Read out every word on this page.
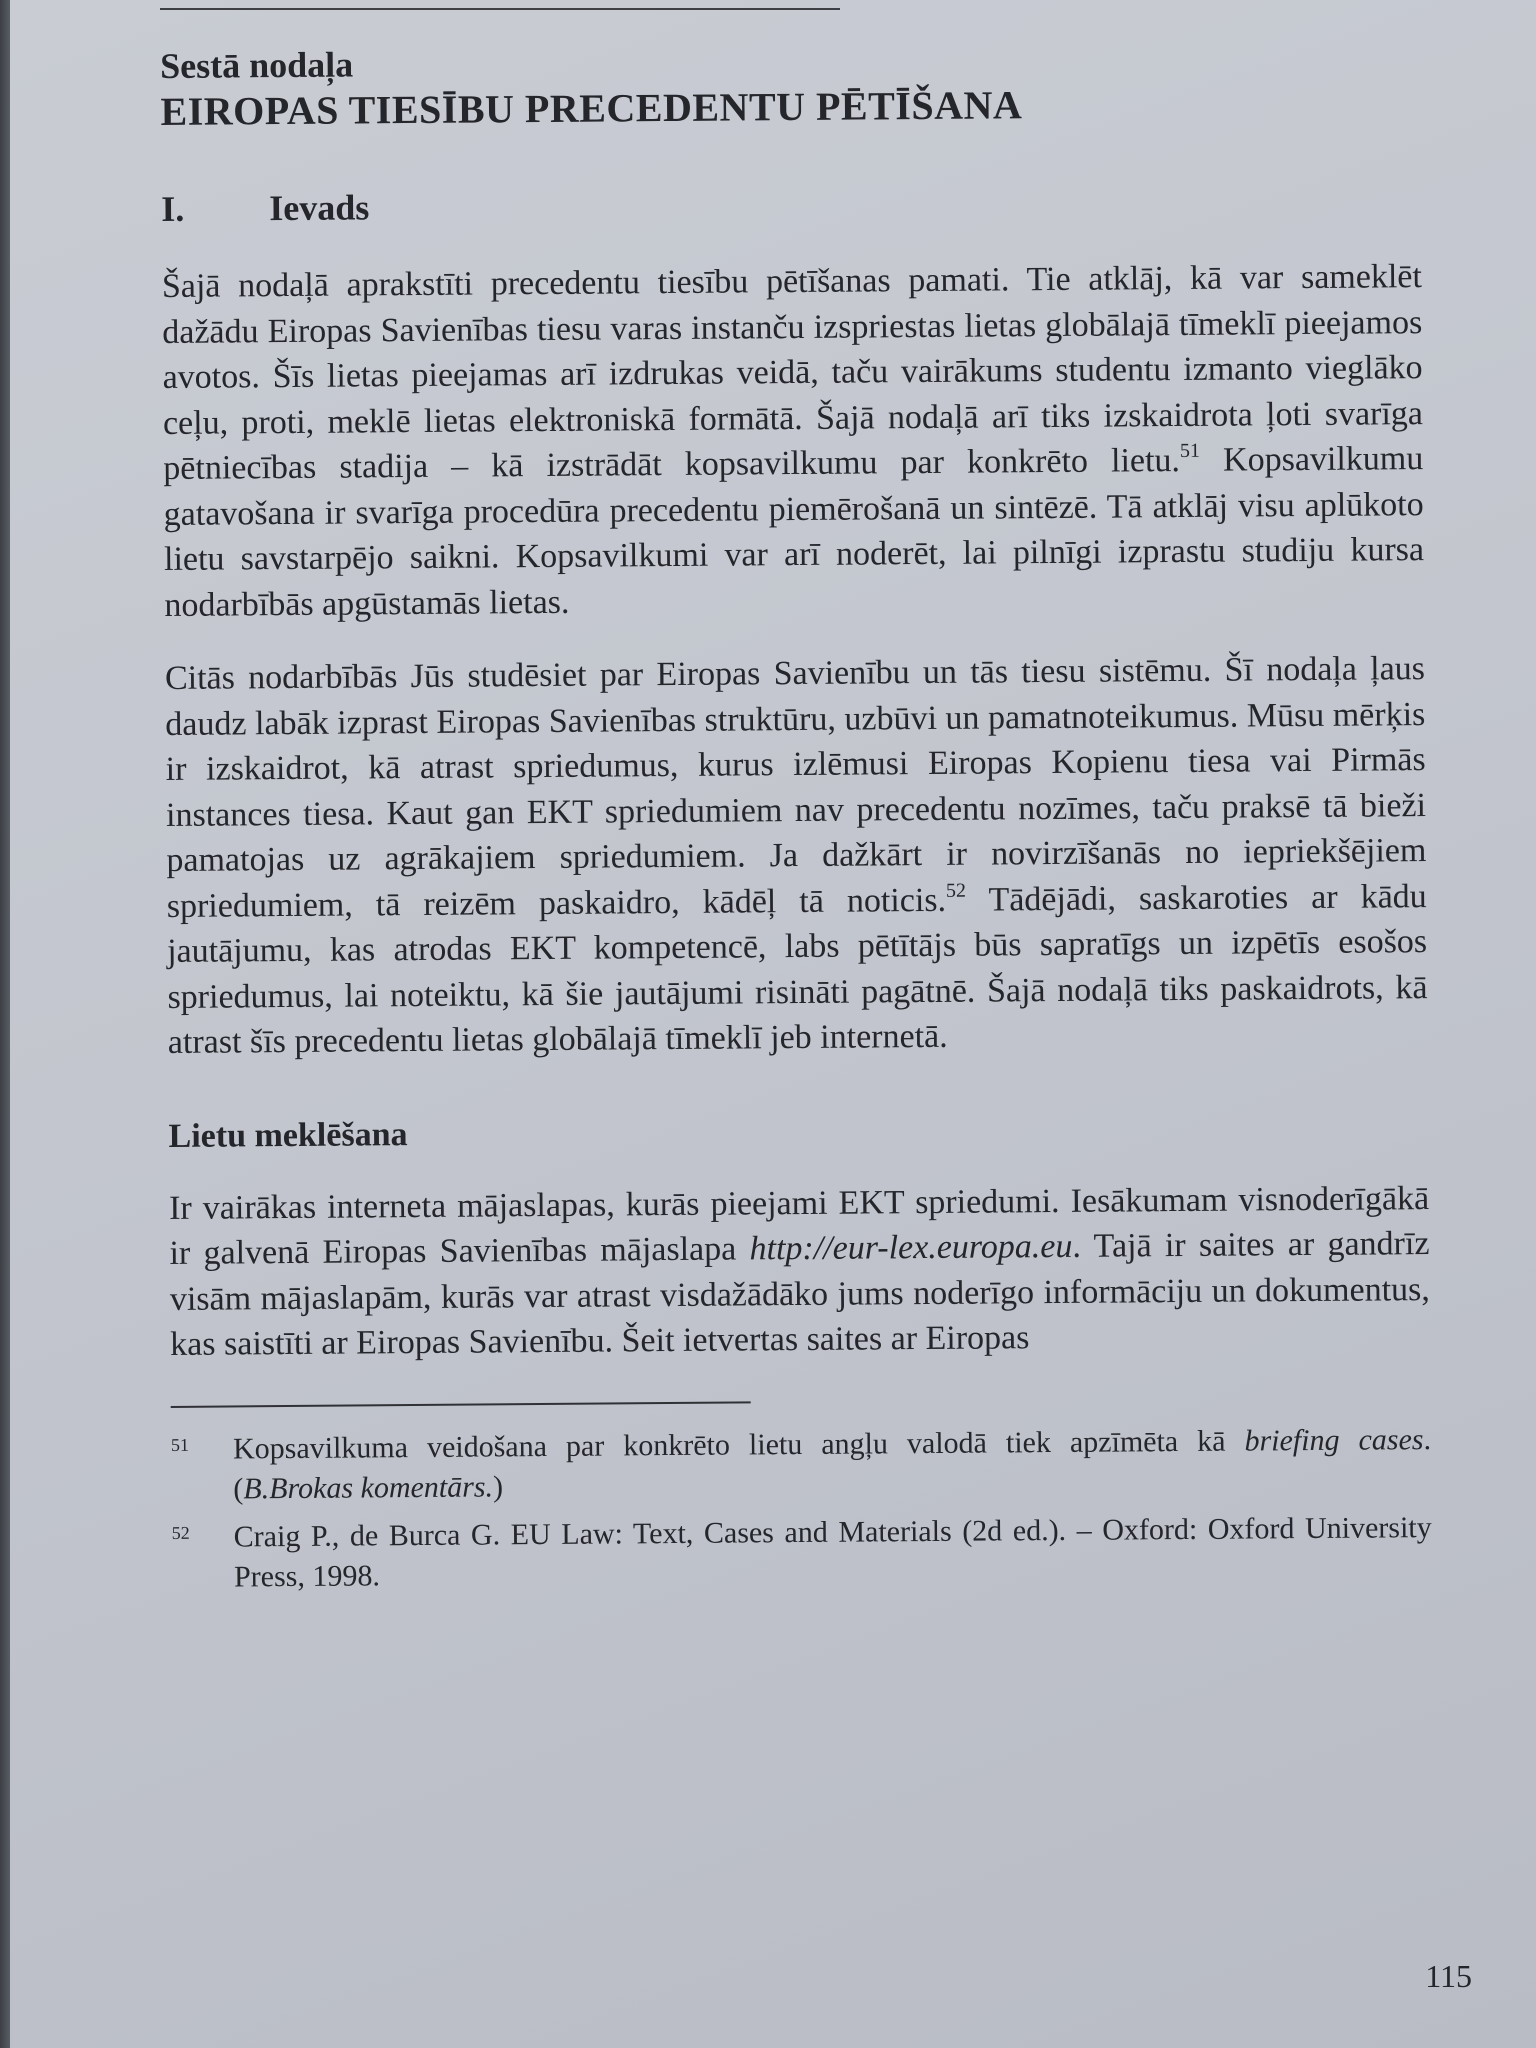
Sestā nodaļa
EIROPAS TIESĪBU PRECEDENTU PĒTĪŠANA
I.	Ievads

Šajā nodaļā aprakstīti precedentu tiesību pētīšanas pamati. Tie atklāj, kā var sameklēt dažādu Eiropas Savienības tiesu varas instanču izspriestas lietas globālajā tīmeklī pieejamos avotos. Šīs lietas pieejamas arī izdrukas veidā, taču vairākums studentu izmanto vieglāko ceļu, proti, meklē lietas elektroniskā formātā. Šajā nodaļā arī tiks izskaidrota ļoti svarīga pētniecības stadija – kā izstrādāt kopsavilkumu par konkrēto lietu.$^{51}$ Kopsavilkumu gatavošana ir svarīga procedūra precedentu piemērošanā un sintēzē. Tā atklāj visu aplūkoto lietu savstarpējo saikni. Kopsavilkumi var arī noderēt, lai pilnīgi izprastu studiju kursa nodarbībās apgūstamās lietas.

Citās nodarbībās Jūs studēsiet par Eiropas Savienību un tās tiesu sistēmu. Šī nodaļa ļaus daudz labāk izprast Eiropas Savienības struktūru, uzbūvi un pamatnoteikumus. Mūsu mērķis ir izskaidrot, kā atrast spriedumus, kurus izlēmusi Eiropas Kopienu tiesa vai Pirmās instances tiesa. Kaut gan EKT spriedumiem nav precedentu nozīmes, taču praksē tā bieži pamatojas uz agrākajiem spriedumiem. Ja dažkārt ir novirzīšanās no iepriekšējiem spriedumiem, tā reizēm paskaidro, kādēļ tā noticis.$^{52}$ Tādējādi, saskaroties ar kādu jautājumu, kas atrodas EKT kompetencē, labs pētītājs būs sapratīgs un izpētīs esošos spriedumus, lai noteiktu, kā šie jautājumi risināti pagātnē. Šajā nodaļā tiks paskaidrots, kā atrast šīs precedentu lietas globālajā tīmeklī jeb internetā.

Lietu meklēšana

Ir vairākas interneta mājaslapas, kurās pieejami EKT spriedumi. Iesākumam visnoderīgākā ir galvenā Eiropas Savienības mājaslapa http://eur-lex.europa.eu. Tajā ir saites ar gandrīz visām mājaslapām, kurās var atrast visdažādāko jums noderīgo informāciju un dokumentus, kas saistīti ar Eiropas Savienību. Šeit ietvertas saites ar Eiropas

51	Kopsavilkuma veidošana par konkrēto lietu angļu valodā tiek apzīmēta kā briefing cases. (B.Brokas komentārs.)
52	Craig P., de Burca G. EU Law: Text, Cases and Materials (2d ed.). – Oxford: Oxford University Press, 1998.
115
